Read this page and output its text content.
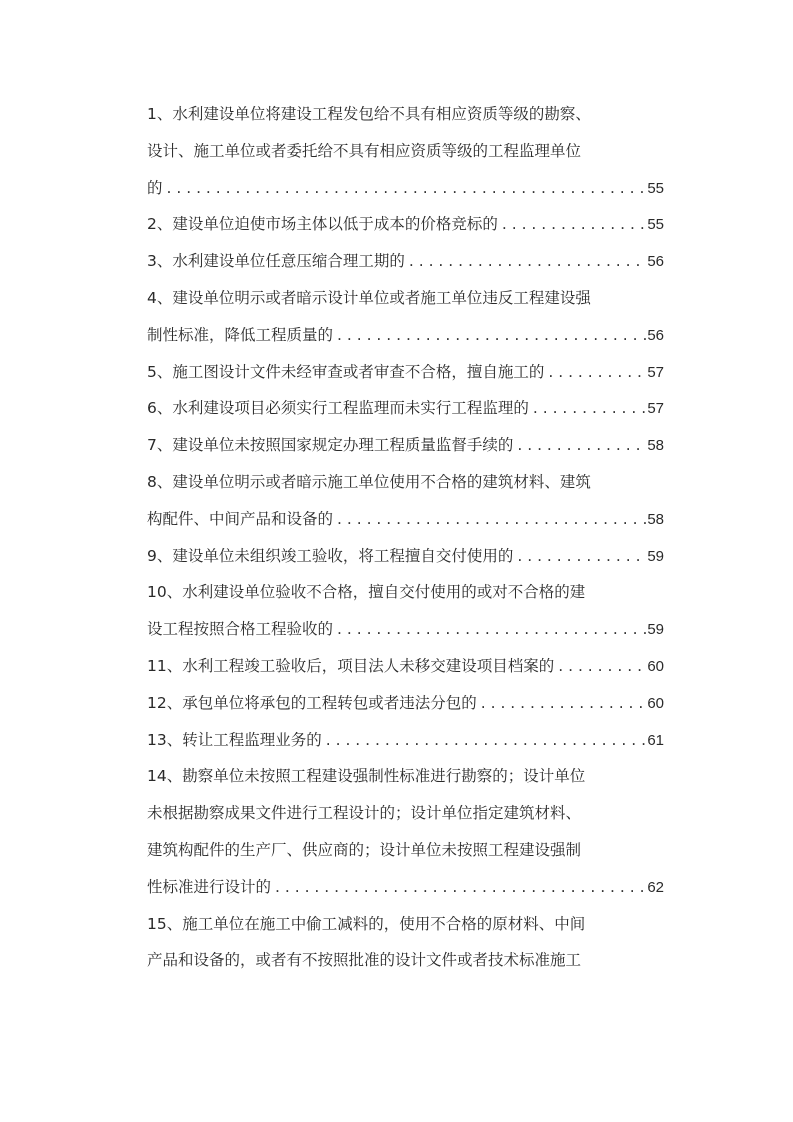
1、水利建设单位将建设工程发包给不具有相应资质等级的勘察、
设计、施工单位或者委托给不具有相应资质等级的工程监理单位
的 . . .	55
2、建设单位迫使市场主体以低于成本的价格竞标的 . . .	55
3、水利建设单位任意压缩合理工期的 . . .	56
4、建设单位明示或者暗示设计单位或者施工单位违反工程建设强
制性标准，降低工程质量的 . . .	56
5、施工图设计文件未经审查或者审查不合格，擅自施工的 . . .	57
6、水利建设项目必须实行工程监理而未实行工程监理的 . . .	57
7、建设单位未按照国家规定办理工程质量监督手续的 . . .	58
8、建设单位明示或者暗示施工单位使用不合格的建筑材料、建筑
构配件、中间产品和设备的 . . .	58
9、建设单位未组织竣工验收，将工程擅自交付使用的 . . .	59
10、水利建设单位验收不合格，擅自交付使用的或对不合格的建
设工程按照合格工程验收的 . . .	59
11、水利工程竣工验收后，项目法人未移交建设项目档案的 . . .	60
12、承包单位将承包的工程转包或者违法分包的 . . .	60
13、转让工程监理业务的 . . .	61
14、勘察单位未按照工程建设强制性标准进行勘察的；设计单位
未根据勘察成果文件进行工程设计的；设计单位指定建筑材料、
建筑构配件的生产厂、供应商的；设计单位未按照工程建设强制
性标准进行设计的 . . .	62
15、施工单位在施工中偷工减料的，使用不合格的原材料、中间
产品和设备的，或者有不按照批准的设计文件或者技术标准施工
